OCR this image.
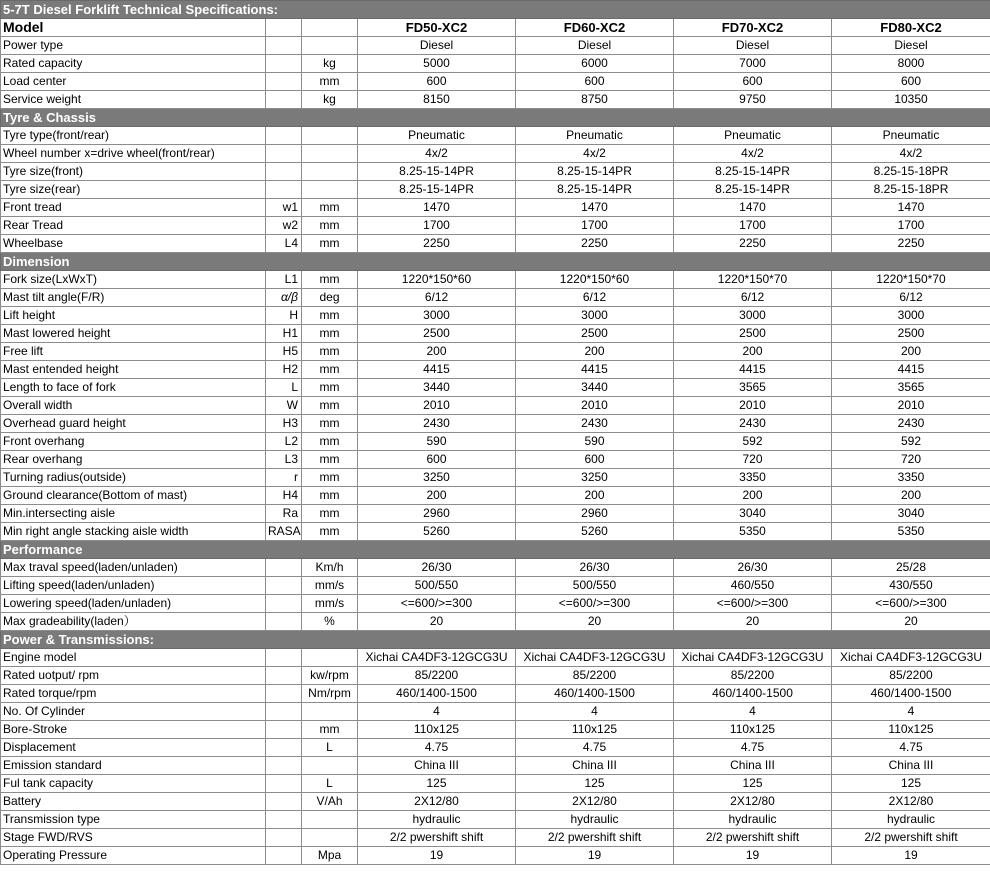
5-7T Diesel Forklift Technical Specifications:						
Model			FD50-XC2	FD60-XC2	FD70-XC2	FD80-XC2
Power type			Diesel	Diesel	Diesel	Diesel
Rated capacity		kg	5000	6000	7000	8000
Load center		mm	600	600	600	600
Service weight		kg	8150	8750	9750	10350
Tyre & Chassis						
Tyre type(front/rear)			Pneumatic	Pneumatic	Pneumatic	Pneumatic
Wheel number x=drive wheel(front/rear)			4x/2	4x/2	4x/2	4x/2
Tyre size(front)			8.25-15-14PR	8.25-15-14PR	8.25-15-14PR	8.25-15-18PR
Tyre size(rear)			8.25-15-14PR	8.25-15-14PR	8.25-15-14PR	8.25-15-18PR
Front tread	w1	mm	1470	1470	1470	1470
Rear Tread	w2	mm	1700	1700	1700	1700
Wheelbase	L4	mm	2250	2250	2250	2250
Dimension						
Fork size(LxWxT)	L1	mm	1220*150*60	1220*150*60	1220*150*70	1220*150*70
Mast tilt angle(F/R)	α/β	deg	6/12	6/12	6/12	6/12
Lift height	H	mm	3000	3000	3000	3000
Mast lowered height	H1	mm	2500	2500	2500	2500
Free lift	H5	mm	200	200	200	200
Mast entended height	H2	mm	4415	4415	4415	4415
Length to face of fork	L	mm	3440	3440	3565	3565
Overall width	W	mm	2010	2010	2010	2010
Overhead guard height	H3	mm	2430	2430	2430	2430
Front overhang	L2	mm	590	590	592	592
Rear overhang	L3	mm	600	600	720	720
Turning radius(outside)	r	mm	3250	3250	3350	3350
Ground clearance(Bottom of mast)	H4	mm	200	200	200	200
Min.intersecting aisle	Ra	mm	2960	2960	3040	3040
Min right angle stacking aisle width	RASA	mm	5260	5260	5350	5350
Performance						
Max traval speed(laden/unladen)		Km/h	26/30	26/30	26/30	25/28
Lifting speed(laden/unladen)		mm/s	500/550	500/550	460/550	430/550
Lowering speed(laden/unladen)		mm/s	<=600/>=300	<=600/>=300	<=600/>=300	<=600/>=300
Max gradeability(laden）		%	20	20	20	20
Power & Transmissions:						
Engine model			Xichai CA4DF3-12GCG3U	Xichai CA4DF3-12GCG3U	Xichai CA4DF3-12GCG3U	Xichai CA4DF3-12GCG3U
Rated uotput/ rpm		kw/rpm	85/2200	85/2200	85/2200	85/2200
Rated torque/rpm		Nm/rpm	460/1400-1500	460/1400-1500	460/1400-1500	460/1400-1500
No. Of Cylinder			4	4	4	4
Bore-Stroke		mm	110x125	110x125	110x125	110x125
Displacement		L	4.75	4.75	4.75	4.75
Emission standard			China III	China III	China III	China III
Ful tank capacity		L	125	125	125	125
Battery		V/Ah	2X12/80	2X12/80	2X12/80	2X12/80
Transmission type			hydraulic	hydraulic	hydraulic	hydraulic
Stage FWD/RVS			2/2 pwershift shift	2/2 pwershift shift	2/2 pwershift shift	2/2 pwershift shift
Operating Pressure		Mpa	19	19	19	19
